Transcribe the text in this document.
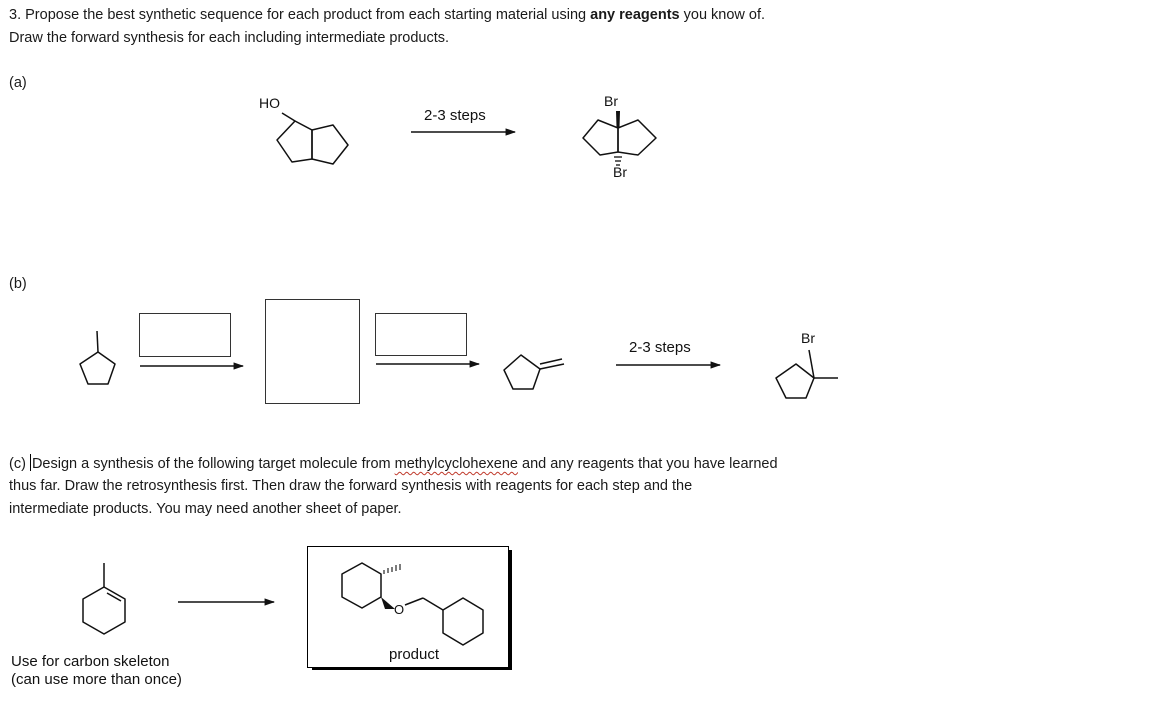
3. Propose the best synthetic sequence for each product from each starting material using any reagents you know of.
Draw the forward synthesis for each including intermediate products.
(a)
(b)
(c) Design a synthesis of the following target molecule from methylcyclohexene and any reagents that you have learned
thus far. Draw the retrosynthesis first. Then draw the forward synthesis with reagents for each step and the
intermediate products. You may need another sheet of paper.
HO
2-3 steps
Br
Br
2-3 steps
Br
O
product
Use for carbon skeleton
(can use more than once)
